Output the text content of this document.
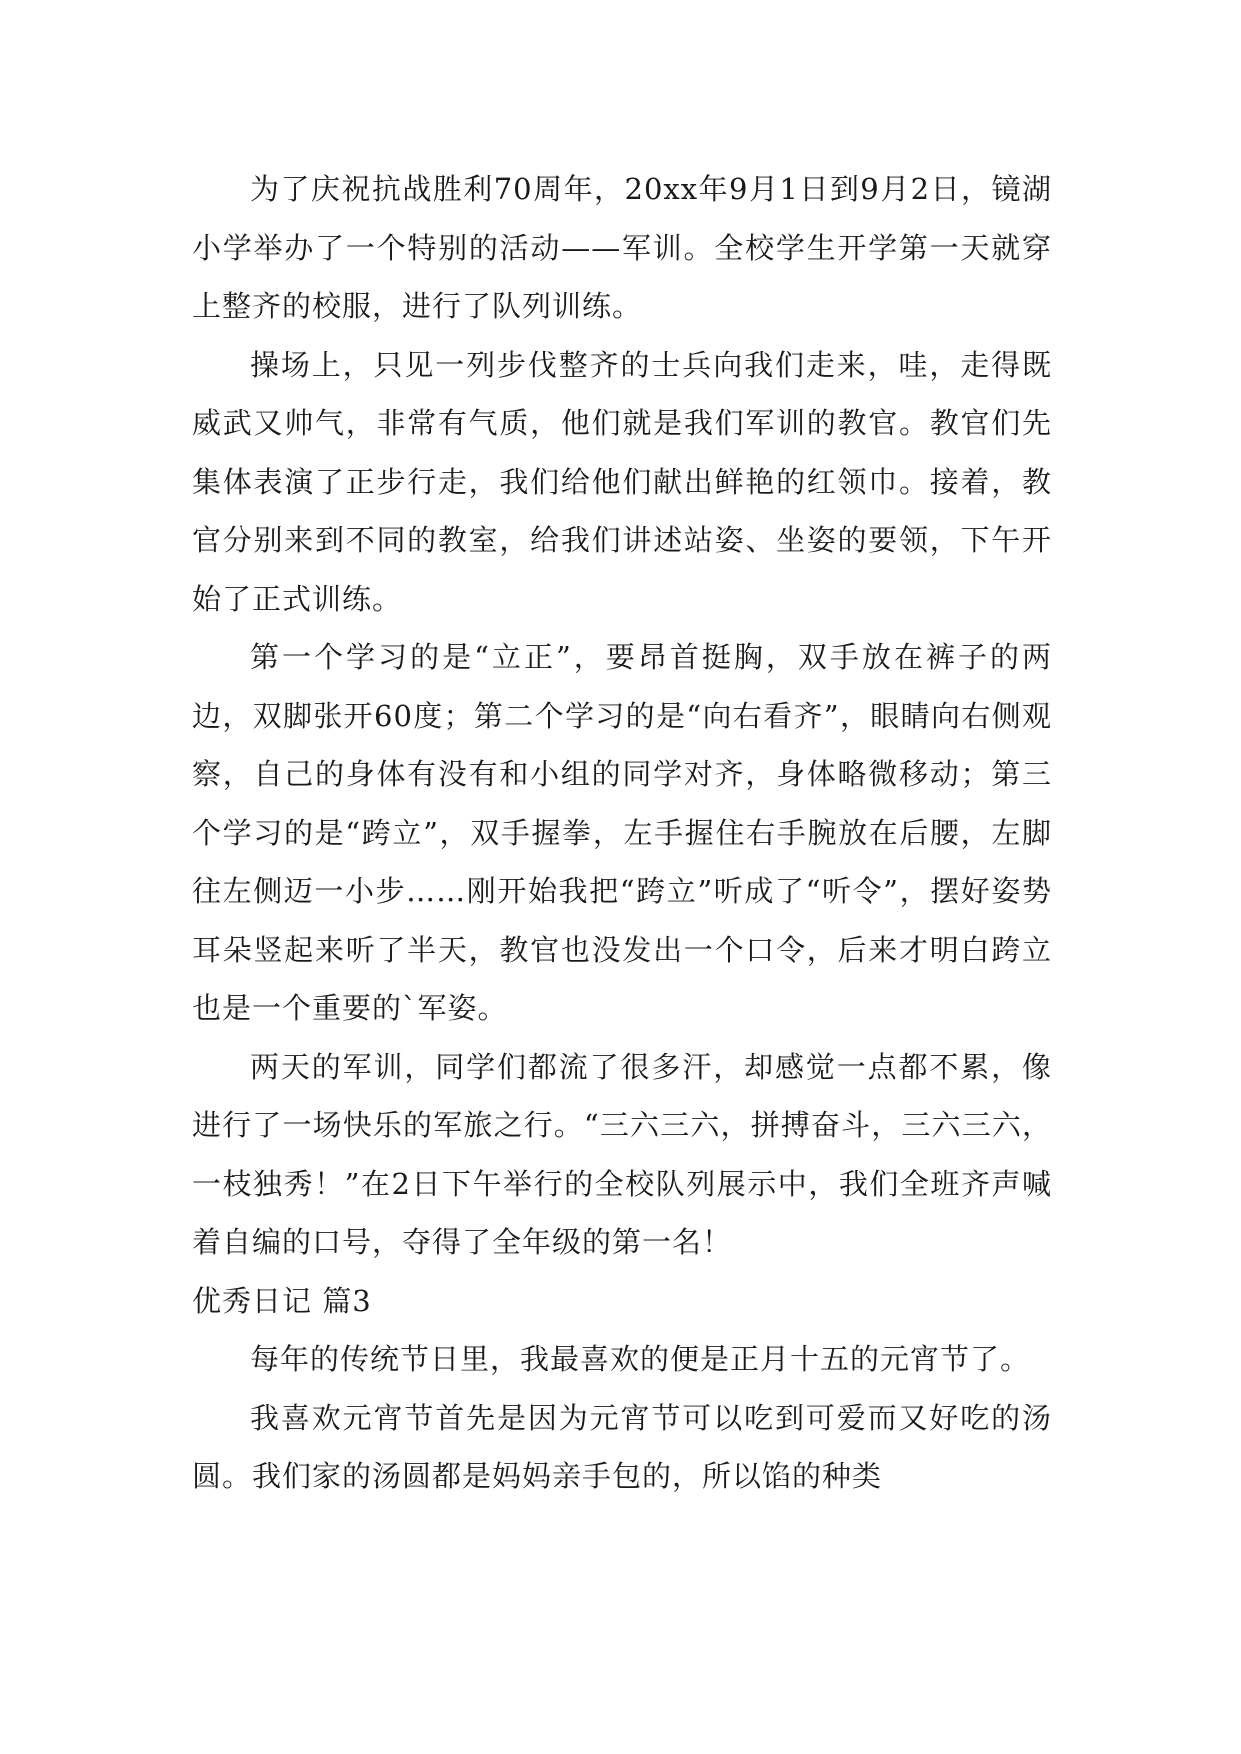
为了庆祝抗战胜利70周年，20xx年9月1日到9月2日，镜湖小学举办了一个特别的活动——军训。全校学生开学第一天就穿上整齐的校服，进行了队列训练。

操场上，只见一列步伐整齐的士兵向我们走来，哇，走得既威武又帅气，非常有气质，他们就是我们军训的教官。教官们先集体表演了正步行走，我们给他们献出鲜艳的红领巾。接着，教官分别来到不同的教室，给我们讲述站姿、坐姿的要领，下午开始了正式训练。

第一个学习的是“立正”，要昂首挺胸，双手放在裤子的两边，双脚张开60度；第二个学习的是“向右看齐”，眼睛向右侧观察，自己的身体有没有和小组的同学对齐，身体略微移动；第三个学习的是“跨立”，双手握拳，左手握住右手腕放在后腰，左脚往左侧迈一小步……刚开始我把“跨立”听成了“听令”，摆好姿势耳朵竖起来听了半天，教官也没发出一个口令，后来才明白跨立也是一个重要的`军姿。

两天的军训，同学们都流了很多汗，却感觉一点都不累，像进行了一场快乐的军旅之行。“三六三六，拼搏奋斗，三六三六，一枝独秀！”在2日下午举行的全校队列展示中，我们全班齐声喊着自编的口号，夺得了全年级的第一名！

优秀日记 篇3

每年的传统节日里，我最喜欢的便是正月十五的元宵节了。

我喜欢元宵节首先是因为元宵节可以吃到可爱而又好吃的汤圆。我们家的汤圆都是妈妈亲手包的，所以馅的种类
